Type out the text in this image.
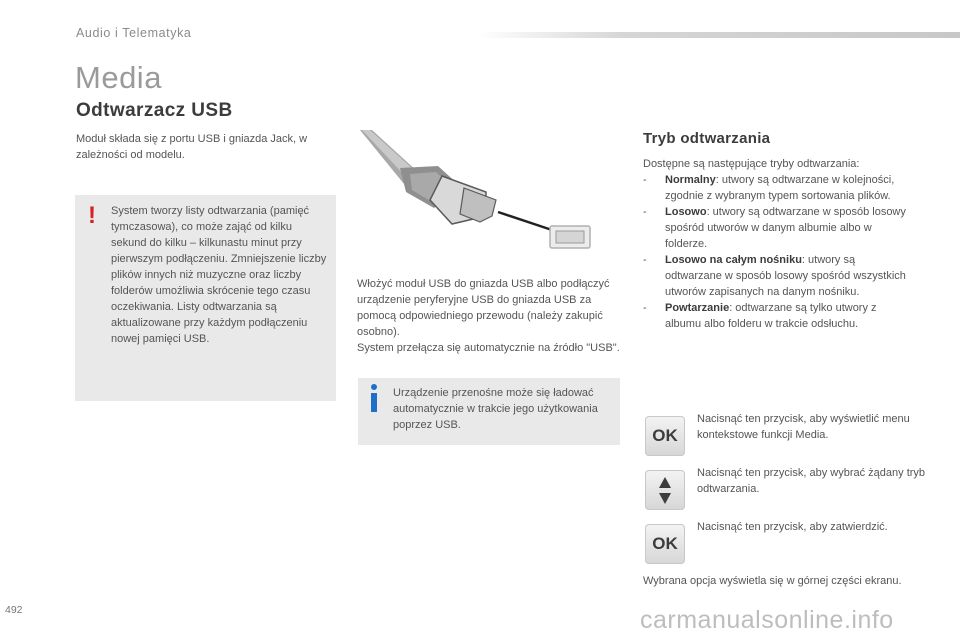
Audio i Telematyka
Media
Odtwarzacz USB

Moduł składa się z portu USB i gniazda Jack, w zależności od modelu.

! System tworzy listy odtwarzania (pamięć tymczasowa), co może zająć od kilku sekund do kilku – kilkunastu minut przy pierwszym podłączeniu. Zmniejszenie liczby plików innych niż muzyczne oraz liczby folderów umożliwia skrócenie tego czasu oczekiwania. Listy odtwarzania są aktualizowane przy każdym podłączeniu nowej pamięci USB.

Włożyć moduł USB do gniazda USB albo podłączyć urządzenie peryferyjne USB do gniazda USB za pomocą odpowiedniego przewodu (należy zakupić osobno).

System przełącza się automatycznie na źródło "USB".

Urządzenie przenośne może się ładować automatycznie w trakcie jego użytkowania poprzez USB.

Tryb odtwarzania

Dostępne są następujące tryby odtwarzania:

-	Normalny: utwory są odtwarzane w kolejności, zgodnie z wybranym typem sortowania plików.
-	Losowo: utwory są odtwarzane w sposób losowy spośród utworów w danym albumie albo w folderze.
-	Losowo na całym nośniku: utwory są odtwarzane w sposób losowy spośród wszystkich utworów zapisanych na danym nośniku.
-	Powtarzanie: odtwarzane są tylko utwory z albumu albo folderu w trakcie odsłuchu.
OK

Nacisnąć ten przycisk, aby wyświetlić menu kontekstowe funkcji Media.

Nacisnąć ten przycisk, aby wybrać żądany tryb odtwarzania.

OK

Nacisnąć ten przycisk, aby zatwierdzić.

Wybrana opcja wyświetla się w górnej części ekranu.

492	carmanualsonline.info
